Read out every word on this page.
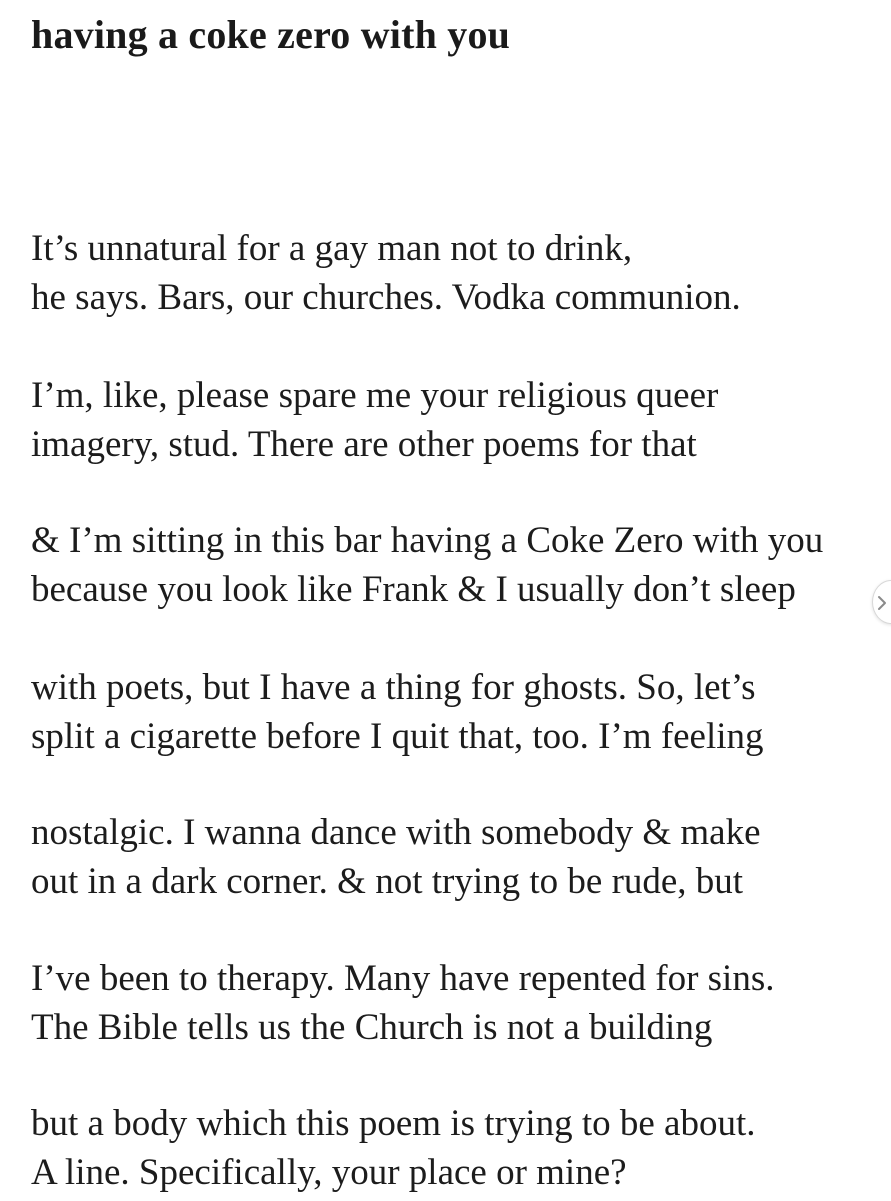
having a coke zero with you
It’s unnatural for a gay man not to drink,
he says. Bars, our churches. Vodka communion.
I’m, like, please spare me your religious queer
imagery, stud. There are other poems for that
& I’m sitting in this bar having a Coke Zero with you
because you look like Frank & I usually don’t sleep
with poets, but I have a thing for ghosts. So, let’s
split a cigarette before I quit that, too. I’m feeling
nostalgic. I wanna dance with somebody & make
out in a dark corner. & not trying to be rude, but
I’ve been to therapy. Many have repented for sins.
The Bible tells us the Church is not a building
but a body which this poem is trying to be about.
A line. Specifically, your place or mine?
